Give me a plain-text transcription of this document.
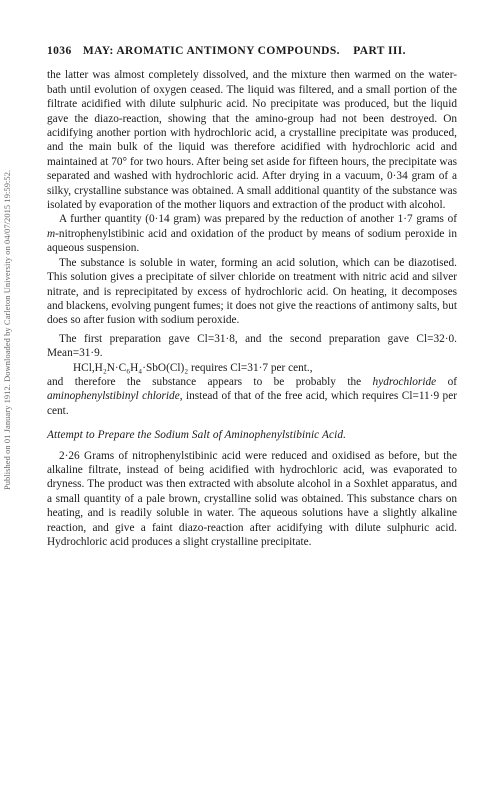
Published on 01 January 1912. Downloaded by Carleton University on 04/07/2015 19:59:52.
1036 MAY: AROMATIC ANTIMONY COMPOUNDS. PART III.

the latter was almost completely dissolved, and the mixture then warmed on the water-bath until evolution of oxygen ceased. The liquid was filtered, and a small portion of the filtrate acidified with dilute sulphuric acid. No precipitate was produced, but the liquid gave the diazo-reaction, showing that the amino-group had not been destroyed. On acidifying another portion with hydrochloric acid, a crystalline precipitate was produced, and the main bulk of the liquid was therefore acidified with hydrochloric acid and maintained at 70° for two hours. After being set aside for fifteen hours, the precipitate was separated and washed with hydrochloric acid. After drying in a vacuum, 0·34 gram of a silky, crystalline substance was obtained. A small additional quantity of the substance was isolated by evaporation of the mother liquors and extraction of the product with alcohol.

A further quantity (0·14 gram) was prepared by the reduction of another 1·7 grams of m-nitrophenylstibinic acid and oxidation of the product by means of sodium peroxide in aqueous suspension.

The substance is soluble in water, forming an acid solution, which can be diazotised. This solution gives a precipitate of silver chloride on treatment with nitric acid and silver nitrate, and is reprecipitated by excess of hydrochloric acid. On heating, it decomposes and blackens, evolving pungent fumes; it does not give the reactions of antimony salts, but does so after fusion with sodium peroxide.

The first preparation gave Cl=31·8, and the second preparation gave Cl=32·0. Mean=31·9.

HCl,H₂N·C₆H₄·SbO(Cl)₂ requires Cl=31·7 per cent.,

and therefore the substance appears to be probably the hydrochloride of aminophenylstibinyl chloride, instead of that of the free acid, which requires Cl=11·9 per cent.

Attempt to Prepare the Sodium Salt of Aminophenylstibinic Acid.

2·26 Grams of nitrophenylstibinic acid were reduced and oxidised as before, but the alkaline filtrate, instead of being acidified with hydrochloric acid, was evaporated to dryness. The product was then extracted with absolute alcohol in a Soxhlet apparatus, and a small quantity of a pale brown, crystalline solid was obtained. This substance chars on heating, and is readily soluble in water. The aqueous solutions have a slightly alkaline reaction, and give a faint diazo-reaction after acidifying with dilute sulphuric acid. Hydrochloric acid produces a slight crystalline precipitate.
